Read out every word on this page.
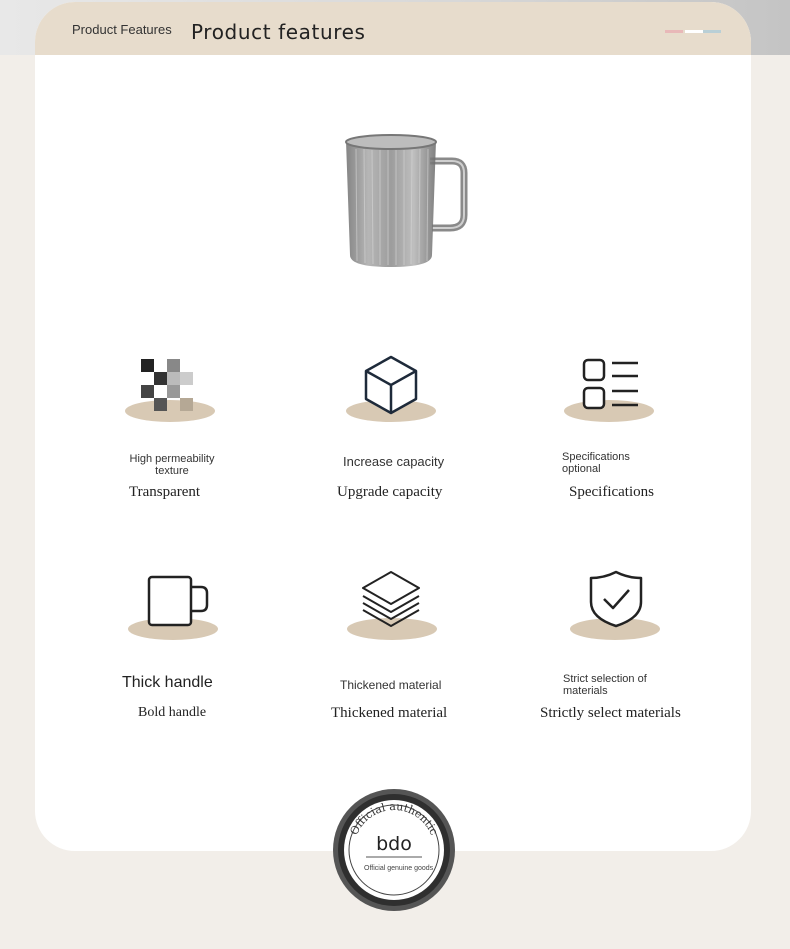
Product Features Product features
High permeability texture
Transparent
Increase capacity
Upgrade capacity
Specifications optional
Specifications
Thick handle
Bold handle
Thickened material
Thickened material
Strict selection of materials
Strictly select materials
Official authentic
bdo
Official genuine goods
